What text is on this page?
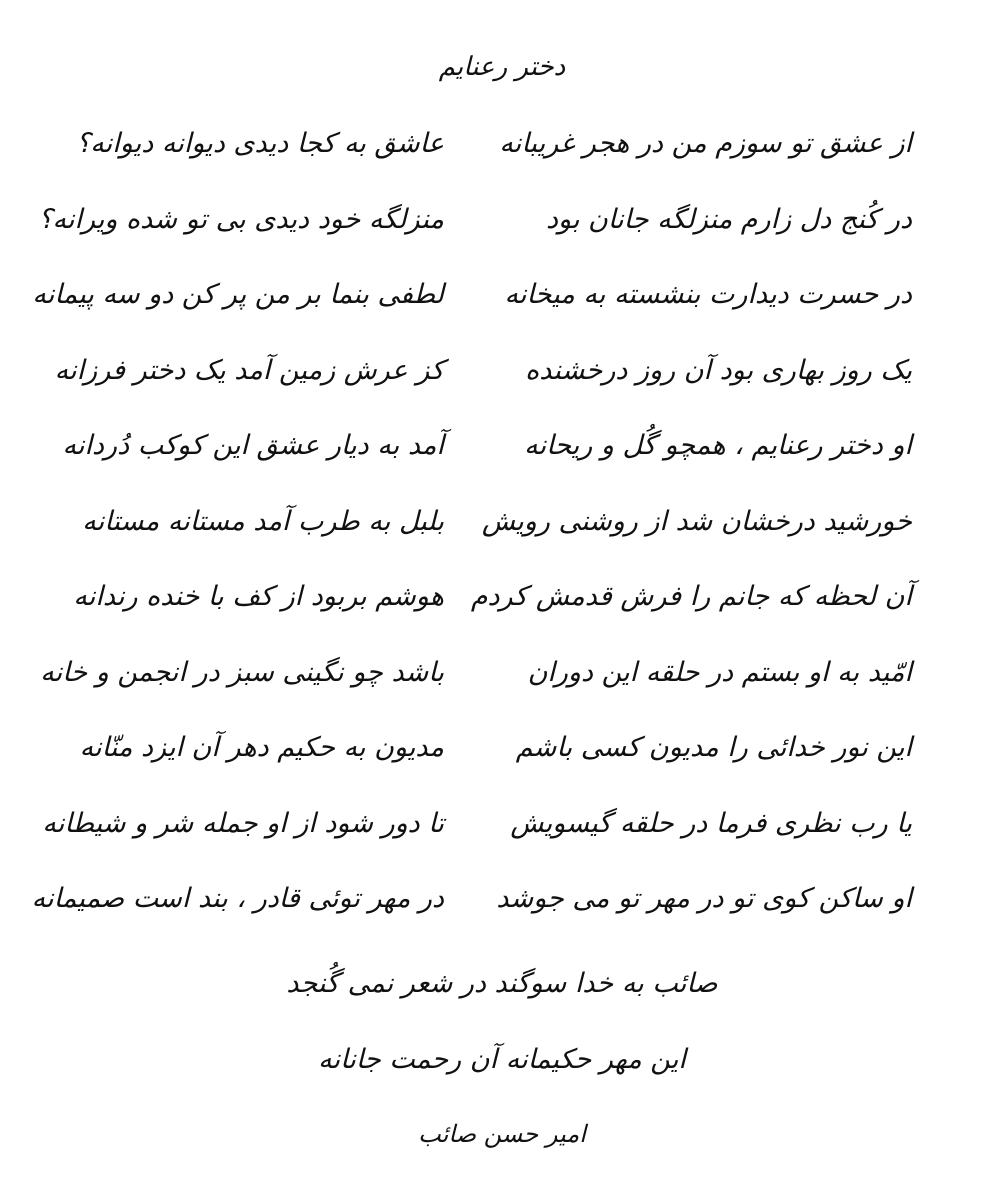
دختر رعنایم
از عشق تو سوزم من در هجر غریبانه
عاشق به کجا دیدی دیوانه دیوانه؟
در کُنج دل زارم منزلگه جانان بود
منزلگه خود دیدی بی تو شده ویرانه؟
در حسرت دیدارت بنشسته به میخانه
لطفی بنما بر من پر کن دو سه پیمانه
یک روز بهاری بود آن روز درخشنده
کز عرش زمین آمد یک دختر فرزانه
او دختر رعنایم ، همچو گُل و ریحانه
آمد به دیار عشق این کوکب دُردانه
خورشید درخشان شد از روشنی رویش
بلبل به طرب آمد مستانه مستانه
آن لحظه که جانم را فرش قدمش کردم
هوشم بربود از کف با خنده رندانه
امّید به او بستم در حلقه این دوران
باشد چو نگینی سبز در انجمن و خانه
این نور خدائی را مدیون کسی باشم
مدیون به حکیم دهر آن ایزد منّانه
یا رب نظری فرما در حلقه گیسویش
تا دور شود از او جمله شر و شیطانه
او ساکن کوی تو در مهر تو می جوشد
در مهر توئی قادر ، بند است صمیمانه
صائب به خدا سوگند در شعر نمی گُنجد
این مهر حکیمانه آن رحمت جانانه
امیر حسن صائب
